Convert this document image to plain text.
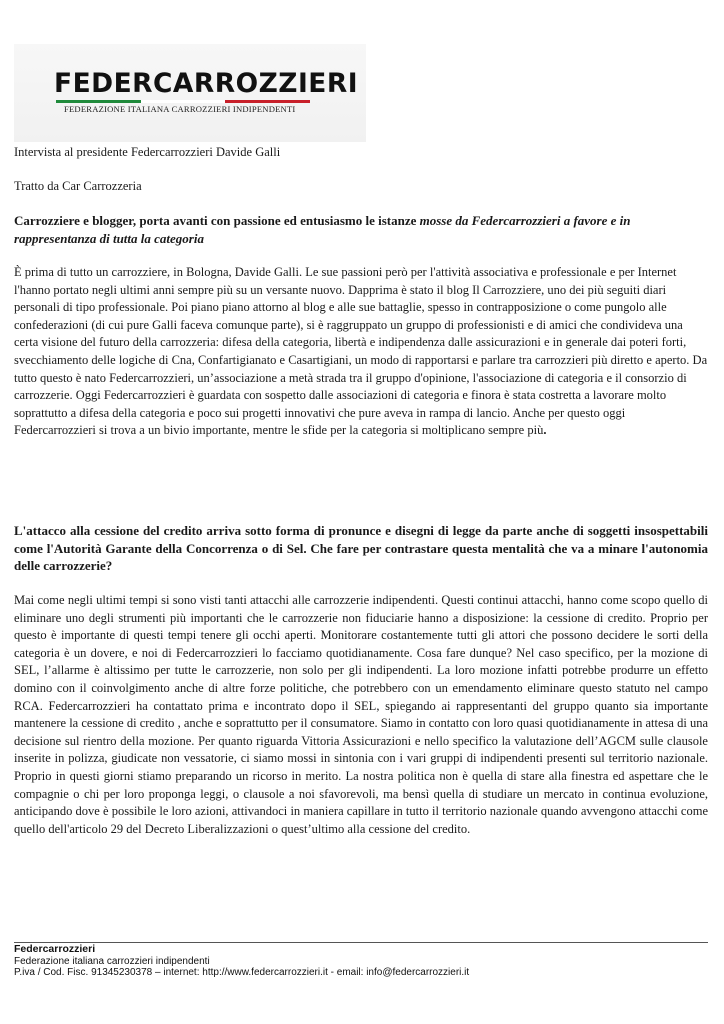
FEDERCARROZZIERI
FEDERAZIONE ITALIANA CARROZZIERI INDIPENDENTI

Intervista al presidente Federcarrozzieri Davide Galli

Tratto da Car Carrozzeria

Carrozziere e blogger, porta avanti con passione ed entusiasmo le istanze mosse da Federcarrozzieri a favore e in rappresentanza di tutta la categoria

È prima di tutto un carrozziere, in Bologna, Davide Galli. Le sue passioni però per l'attività associativa e professionale e per Internet l'hanno portato negli ultimi anni sempre più su un versante nuovo. Dapprima è stato il blog Il Carrozziere, uno dei più seguiti diari personali di tipo professionale. Poi piano piano attorno al blog e alle sue battaglie, spesso in contrapposizione o come pungolo alle confederazioni (di cui pure Galli faceva comunque parte), si è raggruppato un gruppo di professionisti e di amici che condivideva una certa visione del futuro della carrozzeria: difesa della categoria, libertà e indipendenza dalle assicurazioni e in generale dai poteri forti, svecchiamento delle logiche di Cna, Confartigianato e Casartigiani, un modo di rapportarsi e parlare tra carrozzieri più diretto e aperto. Da tutto questo è nato Federcarrozzieri, un’associazione a metà strada tra il gruppo d'opinione, l'associazione di categoria e il consorzio di carrozzerie. Oggi Federcarrozzieri è guardata con sospetto dalle associazioni di categoria e finora è stata costretta a lavorare molto soprattutto a difesa della categoria e poco sui progetti innovativi che pure aveva in rampa di lancio. Anche per questo oggi Federcarrozzieri si trova a un bivio importante, mentre le sfide per la categoria si moltiplicano sempre più.

L'attacco alla cessione del credito arriva sotto forma di pronunce e disegni di legge da parte anche di soggetti insospettabili come l'Autorità Garante della Concorrenza o di Sel. Che fare per contrastare questa mentalità che va a minare l'autonomia delle carrozzerie?

Mai come negli ultimi tempi si sono visti tanti attacchi alle carrozzerie indipendenti. Questi continui attacchi, hanno come scopo quello di eliminare uno degli strumenti più importanti che le carrozzerie non fiduciarie hanno a disposizione: la cessione di credito. Proprio per questo è importante di questi tempi tenere gli occhi aperti. Monitorare costantemente tutti gli attori che possono decidere le sorti della categoria è un dovere, e noi di Federcarrozzieri lo facciamo quotidianamente. Cosa fare dunque? Nel caso specifico, per la mozione di SEL, l’allarme è altissimo per tutte le carrozzerie, non solo per gli indipendenti. La loro mozione infatti potrebbe produrre un effetto domino con il coinvolgimento anche di altre forze politiche, che potrebbero con un emendamento eliminare questo statuto nel campo RCA. Federcarrozzieri ha contattato prima e incontrato dopo il SEL, spiegando ai rappresentanti del gruppo quanto sia importante mantenere la cessione di credito , anche e soprattutto per il consumatore. Siamo in contatto con loro quasi quotidianamente in attesa di una decisione sul rientro della mozione. Per quanto riguarda Vittoria Assicurazioni e nello specifico la valutazione dell’AGCM sulle clausole inserite in polizza, giudicate non vessatorie, ci siamo mossi in sintonia con i vari gruppi di indipendenti presenti sul territorio nazionale. Proprio in questi giorni stiamo preparando un ricorso in merito. La nostra politica non è quella di stare alla finestra ed aspettare che le compagnie o chi per loro proponga leggi, o clausole a noi sfavorevoli, ma bensì quella di studiare un mercato in continua evoluzione, anticipando dove è possibile le loro azioni, attivandoci in maniera capillare in tutto il territorio nazionale quando avvengono attacchi come quello dell'articolo 29 del Decreto Liberalizzazioni o quest’ultimo alla cessione del credito.

Federcarrozzieri
Federazione italiana carrozzieri indipendenti
P.iva / Cod. Fisc. 91345230378 – internet: http://www.federcarrozzieri.it - email: info@federcarrozzieri.it
